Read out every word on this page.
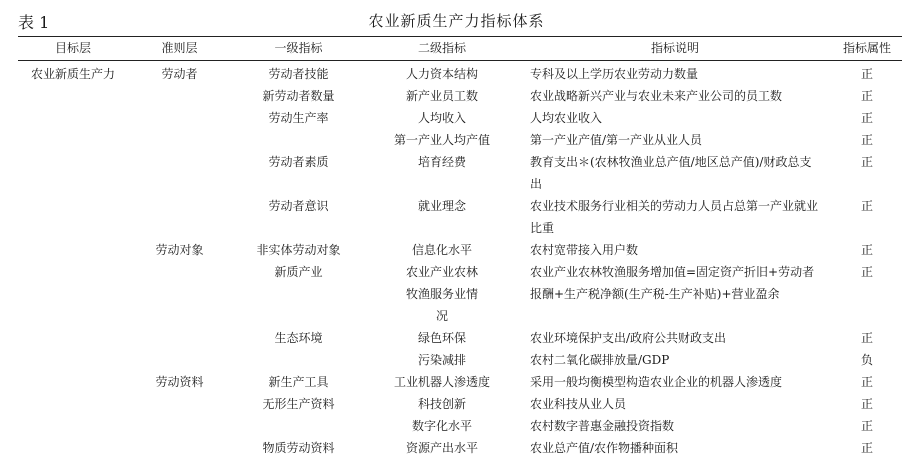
表 1	农业新质生产力指标体系
目标层	准则层	一级指标	二级指标	指标说明	指标属性
农业新质生产力	劳动者	劳动者技能	人力资本结构	专科及以上学历农业劳动力数量	正
		新劳动者数量	新产业员工数	农业战略新兴产业与农业未来产业公司的员工数	正
		劳动生产率	人均收入	人均农业收入	正
			第一产业人均产值	第一产业产值/第一产业从业人员	正
		劳动者素质	培育经费	教育支出＊(农林牧渔业总产值/地区总产值)/财政总支出	正
		劳动者意识	就业理念	农业技术服务行业相关的劳动力人员占总第一产业就业比重	正
	劳动对象	非实体劳动对象	信息化水平	农村宽带接入用户数	正
		新质产业	农业产业农林牧渔服务业情况	农业产业农林牧渔服务增加值=固定资产折旧+劳动者报酬+生产税净额(生产税-生产补贴)+营业盈余	正
		生态环境	绿色环保	农业环境保护支出/政府公共财政支出	正
			污染减排	农村二氧化碳排放量/GDP	负
	劳动资料	新生产工具	工业机器人渗透度	采用一般均衡模型构造农业企业的机器人渗透度	正
		无形生产资料	科技创新	农业科技从业人员	正
			数字化水平	农村数字普惠金融投资指数	正
		物质劳动资料	资源产出水平	农业总产值/农作物播种面积	正
